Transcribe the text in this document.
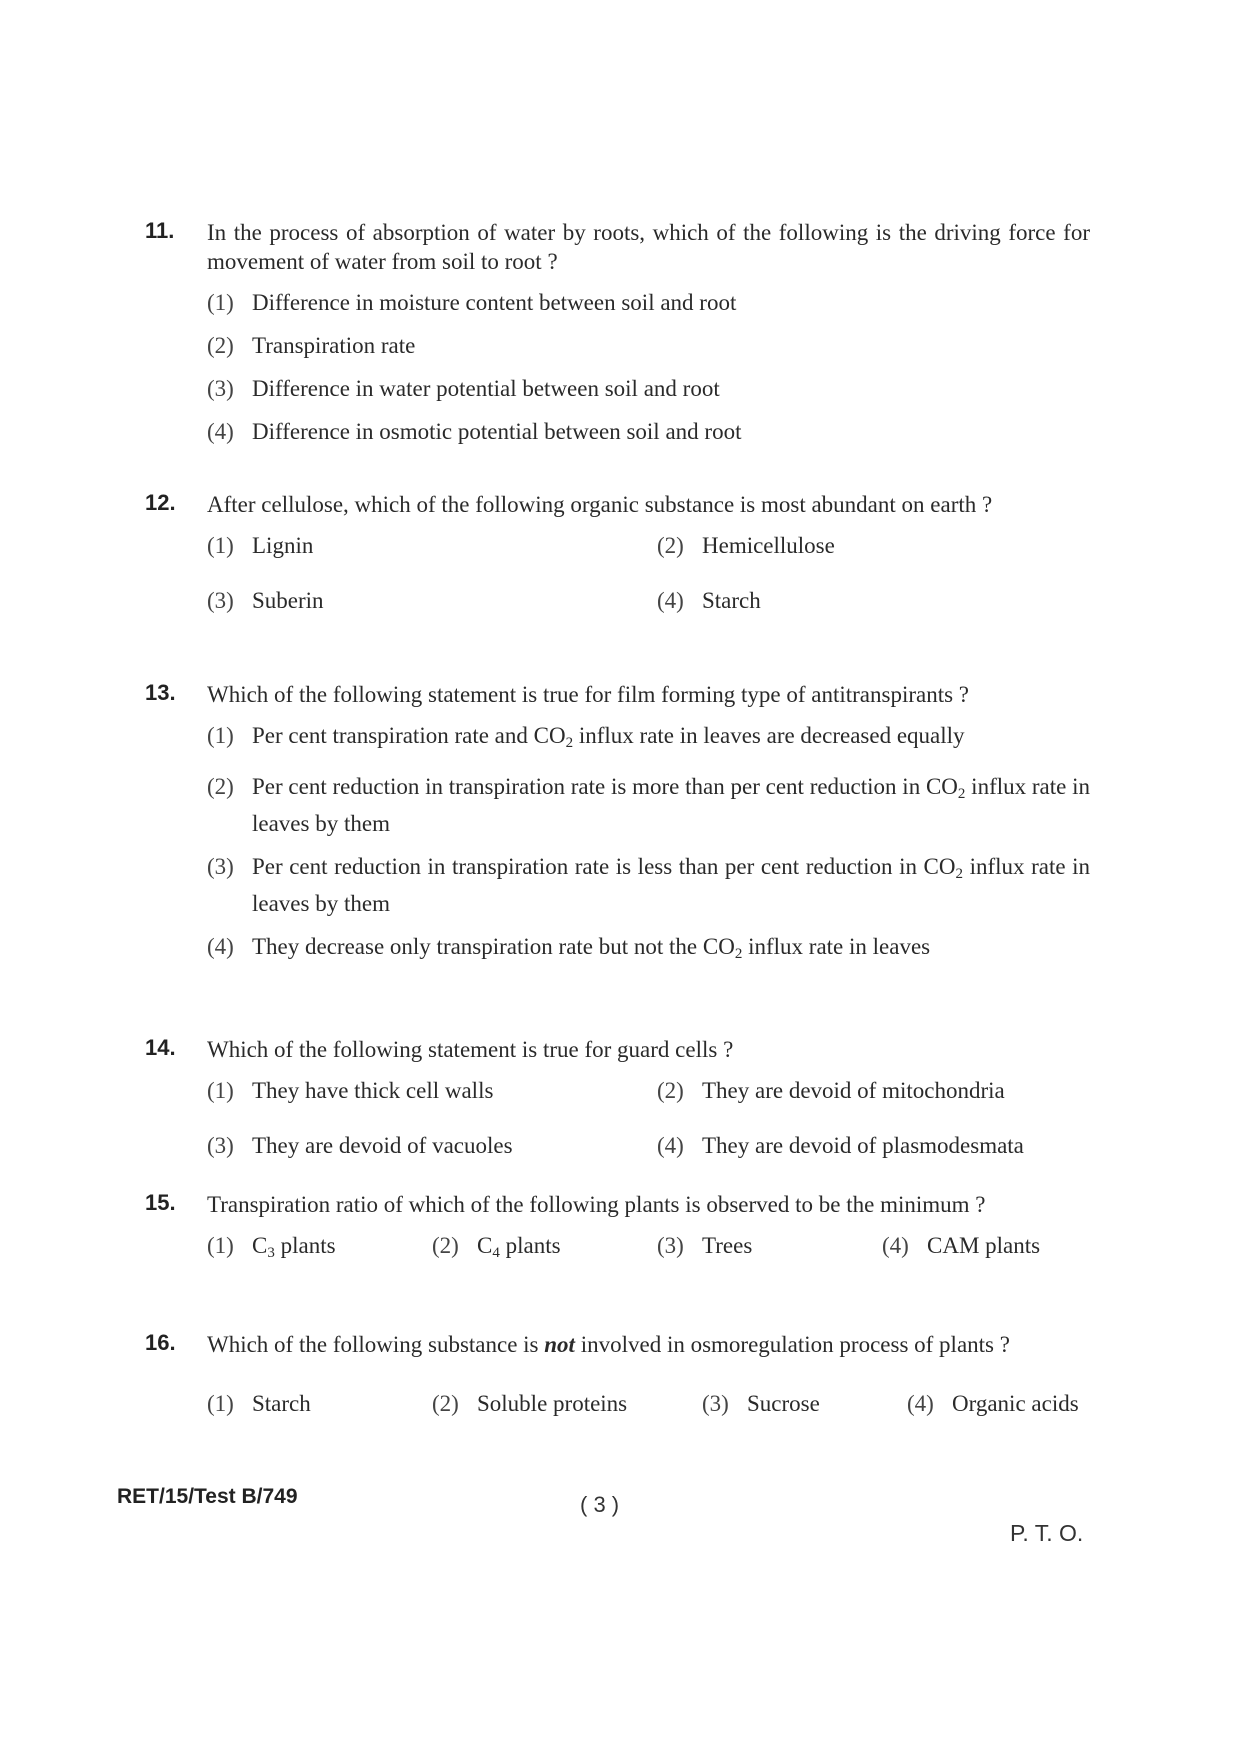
11. In the process of absorption of water by roots, which of the following is the driving force for movement of water from soil to root ?
(1) Difference in moisture content between soil and root
(2) Transpiration rate
(3) Difference in water potential between soil and root
(4) Difference in osmotic potential between soil and root
12. After cellulose, which of the following organic substance is most abundant on earth ?
(1) Lignin	(2) Hemicellulose
(3) Suberin	(4) Starch
13. Which of the following statement is true for film forming type of antitranspirants ?
(1) Per cent transpiration rate and $CO_2$ influx rate in leaves are decreased equally
(2) Per cent reduction in transpiration rate is more than per cent reduction in $CO_2$ influx rate in leaves by them
(3) Per cent reduction in transpiration rate is less than per cent reduction in $CO_2$ influx rate in leaves by them
(4) They decrease only transpiration rate but not the $CO_2$ influx rate in leaves
14. Which of the following statement is true for guard cells ?
(1) They have thick cell walls	(2) They are devoid of mitochondria
(3) They are devoid of vacuoles	(4) They are devoid of plasmodesmata
15. Transpiration ratio of which of the following plants is observed to be the minimum ?
(1) $C_3$ plants	(2) $C_4$ plants	(3) Trees	(4) CAM plants
16. Which of the following substance is not involved in osmoregulation process of plants ?
(1) Starch	(2) Soluble proteins	(3) Sucrose	(4) Organic acids
RET/15/Test B/749	( 3 )
P. T. O.
